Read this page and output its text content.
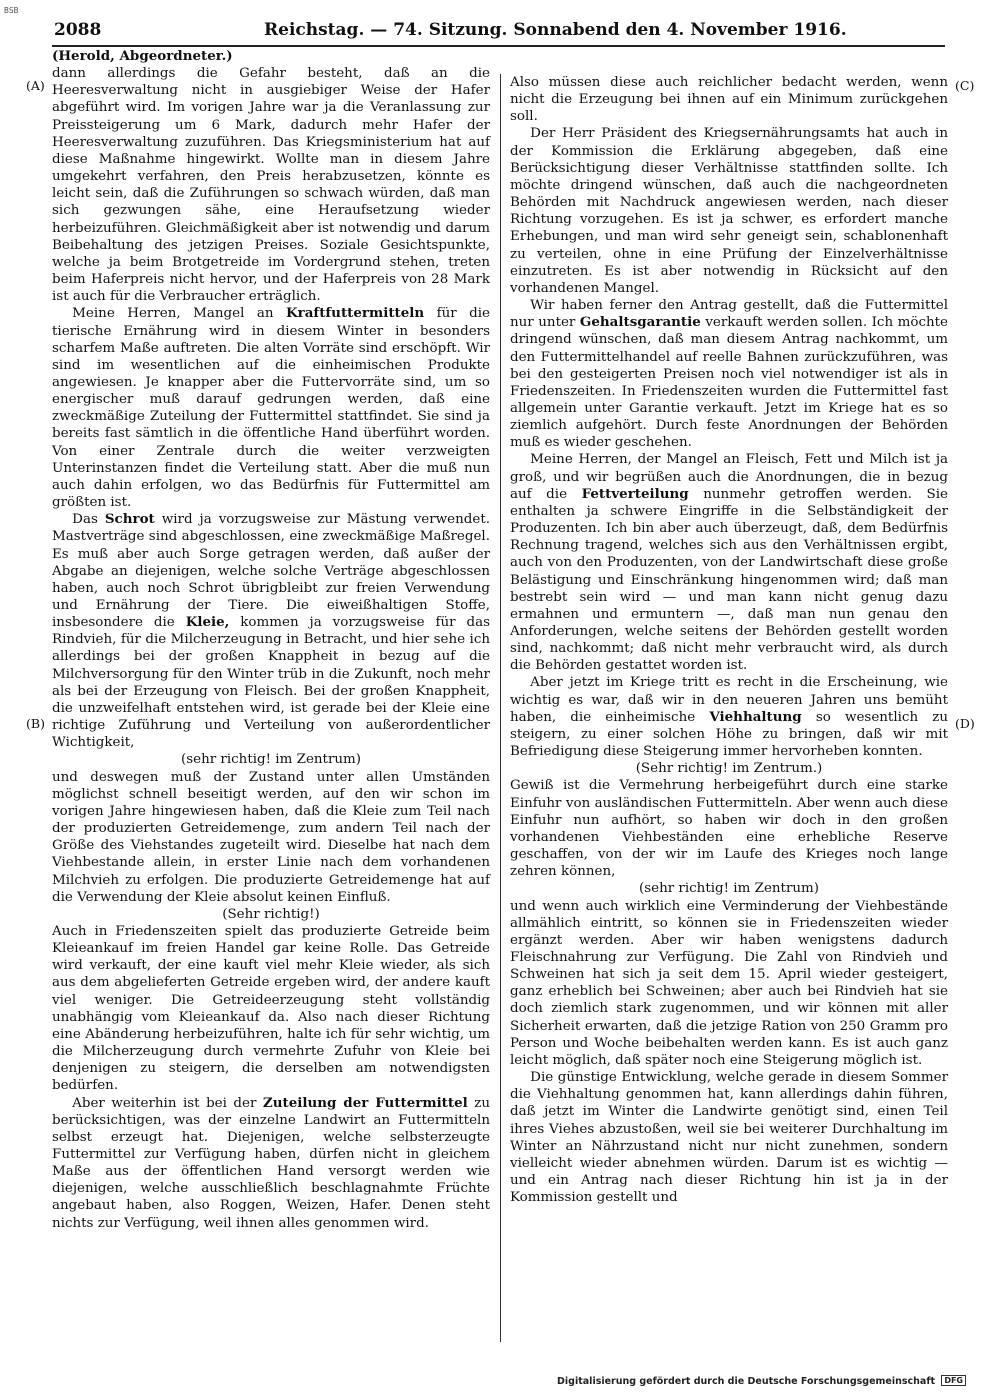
BSB
2088	Reichstag. — 74. Sitzung. Sonnabend den 4. November 1916.
(A)
(B)
(C)
(D)

(Herold, Abgeordneter.)

dann allerdings die Gefahr besteht, daß an die Heeresverwaltung nicht in ausgiebiger Weise der Hafer abgeführt wird. Im vorigen Jahre war ja die Veranlassung zur Preissteigerung um 6 Mark, dadurch mehr Hafer der Heeresverwaltung zuzuführen. Das Kriegsministerium hat auf diese Maßnahme hingewirkt. Wollte man in diesem Jahre umgekehrt verfahren, den Preis herabzusetzen, könnte es leicht sein, daß die Zuführungen so schwach würden, daß man sich gezwungen sähe, eine Heraufsetzung wieder herbeizuführen. Gleichmäßigkeit aber ist notwendig und darum Beibehaltung des jetzigen Preises. Soziale Gesichtspunkte, welche ja beim Brotgetreide im Vordergrund stehen, treten beim Haferpreis nicht hervor, und der Haferpreis von 28 Mark ist auch für die Verbraucher erträglich.

Meine Herren, Mangel an Kraftfuttermitteln für die tierische Ernährung wird in diesem Winter in besonders scharfem Maße auftreten. Die alten Vorräte sind erschöpft. Wir sind im wesentlichen auf die einheimischen Produkte angewiesen. Je knapper aber die Futtervorräte sind, um so energischer muß darauf gedrungen werden, daß eine zweckmäßige Zuteilung der Futtermittel stattfindet. Sie sind ja bereits fast sämtlich in die öffentliche Hand überführt worden. Von einer Zentrale durch die weiter verzweigten Unterinstanzen findet die Verteilung statt. Aber die muß nun auch dahin erfolgen, wo das Bedürfnis für Futtermittel am größten ist.

Das Schrot wird ja vorzugsweise zur Mästung verwendet. Mastverträge sind abgeschlossen, eine zweckmäßige Maßregel. Es muß aber auch Sorge getragen werden, daß außer der Abgabe an diejenigen, welche solche Verträge abgeschlossen haben, auch noch Schrot übrigbleibt zur freien Verwendung und Ernährung der Tiere. Die eiweißhaltigen Stoffe, insbesondere die Kleie, kommen ja vorzugsweise für das Rindvieh, für die Milcherzeugung in Betracht, und hier sehe ich allerdings bei der großen Knappheit in bezug auf die Milchversorgung für den Winter trüb in die Zukunft, noch mehr als bei der Erzeugung von Fleisch. Bei der großen Knappheit, die unzweifelhaft entstehen wird, ist gerade bei der Kleie eine richtige Zuführung und Verteilung von außerordentlicher Wichtigkeit,

(sehr richtig! im Zentrum)

und deswegen muß der Zustand unter allen Umständen möglichst schnell beseitigt werden, auf den wir schon im vorigen Jahre hingewiesen haben, daß die Kleie zum Teil nach der produzierten Getreidemenge, zum andern Teil nach der Größe des Viehstandes zugeteilt wird. Dieselbe hat nach dem Viehbestande allein, in erster Linie nach dem vorhandenen Milchvieh zu erfolgen. Die produzierte Getreidemenge hat auf die Verwendung der Kleie absolut keinen Einfluß.

(Sehr richtig!)

Auch in Friedenszeiten spielt das produzierte Getreide beim Kleieankauf im freien Handel gar keine Rolle. Das Getreide wird verkauft, der eine kauft viel mehr Kleie wieder, als sich aus dem abgelieferten Getreide ergeben wird, der andere kauft viel weniger. Die Getreideerzeugung steht vollständig unabhängig vom Kleieankauf da. Also nach dieser Richtung eine Abänderung herbeizuführen, halte ich für sehr wichtig, um die Milcherzeugung durch vermehrte Zufuhr von Kleie bei denjenigen zu steigern, die derselben am notwendigsten bedürfen.

Aber weiterhin ist bei der Zuteilung der Futtermittel zu berücksichtigen, was der einzelne Landwirt an Futtermitteln selbst erzeugt hat. Diejenigen, welche selbsterzeugte Futtermittel zur Verfügung haben, dürfen nicht in gleichem Maße aus der öffentlichen Hand versorgt werden wie diejenigen, welche ausschließlich beschlagnahmte Früchte angebaut haben, also Roggen, Weizen, Hafer. Denen steht nichts zur Verfügung, weil ihnen alles genommen wird.

Also müssen diese auch reichlicher bedacht werden, wenn nicht die Erzeugung bei ihnen auf ein Minimum zurückgehen soll.

Der Herr Präsident des Kriegsernährungsamts hat auch in der Kommission die Erklärung abgegeben, daß eine Berücksichtigung dieser Verhältnisse stattfinden sollte. Ich möchte dringend wünschen, daß auch die nachgeordneten Behörden mit Nachdruck angewiesen werden, nach dieser Richtung vorzugehen. Es ist ja schwer, es erfordert manche Erhebungen, und man wird sehr geneigt sein, schablonenhaft zu verteilen, ohne in eine Prüfung der Einzelverhältnisse einzutreten. Es ist aber notwendig in Rücksicht auf den vorhandenen Mangel.

Wir haben ferner den Antrag gestellt, daß die Futtermittel nur unter Gehaltsgarantie verkauft werden sollen. Ich möchte dringend wünschen, daß man diesem Antrag nachkommt, um den Futtermittelhandel auf reelle Bahnen zurückzuführen, was bei den gesteigerten Preisen noch viel notwendiger ist als in Friedenszeiten. In Friedenszeiten wurden die Futtermittel fast allgemein unter Garantie verkauft. Jetzt im Kriege hat es so ziemlich aufgehört. Durch feste Anordnungen der Behörden muß es wieder geschehen.

Meine Herren, der Mangel an Fleisch, Fett und Milch ist ja groß, und wir begrüßen auch die Anordnungen, die in bezug auf die Fettverteilung nunmehr getroffen werden. Sie enthalten ja schwere Eingriffe in die Selbständigkeit der Produzenten. Ich bin aber auch überzeugt, daß, dem Bedürfnis Rechnung tragend, welches sich aus den Verhältnissen ergibt, auch von den Produzenten, von der Landwirtschaft diese große Belästigung und Einschränkung hingenommen wird; daß man bestrebt sein wird — und man kann nicht genug dazu ermahnen und ermuntern —, daß man nun genau den Anforderungen, welche seitens der Behörden gestellt worden sind, nachkommt; daß nicht mehr verbraucht wird, als durch die Behörden gestattet worden ist.

Aber jetzt im Kriege tritt es recht in die Erscheinung, wie wichtig es war, daß wir in den neueren Jahren uns bemüht haben, die einheimische Viehhaltung so wesentlich zu steigern, zu einer solchen Höhe zu bringen, daß wir mit Befriedigung diese Steigerung immer hervorheben konnten.

(Sehr richtig! im Zentrum.)

Gewiß ist die Vermehrung herbeigeführt durch eine starke Einfuhr von ausländischen Futtermitteln. Aber wenn auch diese Einfuhr nun aufhört, so haben wir doch in den großen vorhandenen Viehbeständen eine erhebliche Reserve geschaffen, von der wir im Laufe des Krieges noch lange zehren können,

(sehr richtig! im Zentrum)

und wenn auch wirklich eine Verminderung der Viehbestände allmählich eintritt, so können sie in Friedenszeiten wieder ergänzt werden. Aber wir haben wenigstens dadurch Fleischnahrung zur Verfügung. Die Zahl von Rindvieh und Schweinen hat sich ja seit dem 15. April wieder gesteigert, ganz erheblich bei Schweinen; aber auch bei Rindvieh hat sie doch ziemlich stark zugenommen, und wir können mit aller Sicherheit erwarten, daß die jetzige Ration von 250 Gramm pro Person und Woche beibehalten werden kann. Es ist auch ganz leicht möglich, daß später noch eine Steigerung möglich ist.

Die günstige Entwicklung, welche gerade in diesem Sommer die Viehhaltung genommen hat, kann allerdings dahin führen, daß jetzt im Winter die Landwirte genötigt sind, einen Teil ihres Viehes abzustoßen, weil sie bei weiterer Durchhaltung im Winter an Nährzustand nicht nur nicht zunehmen, sondern vielleicht wieder abnehmen würden. Darum ist es wichtig — und ein Antrag nach dieser Richtung hin ist ja in der Kommission gestellt und

Digitalisierung gefördert durch die Deutsche Forschungsgemeinschaft DFG
